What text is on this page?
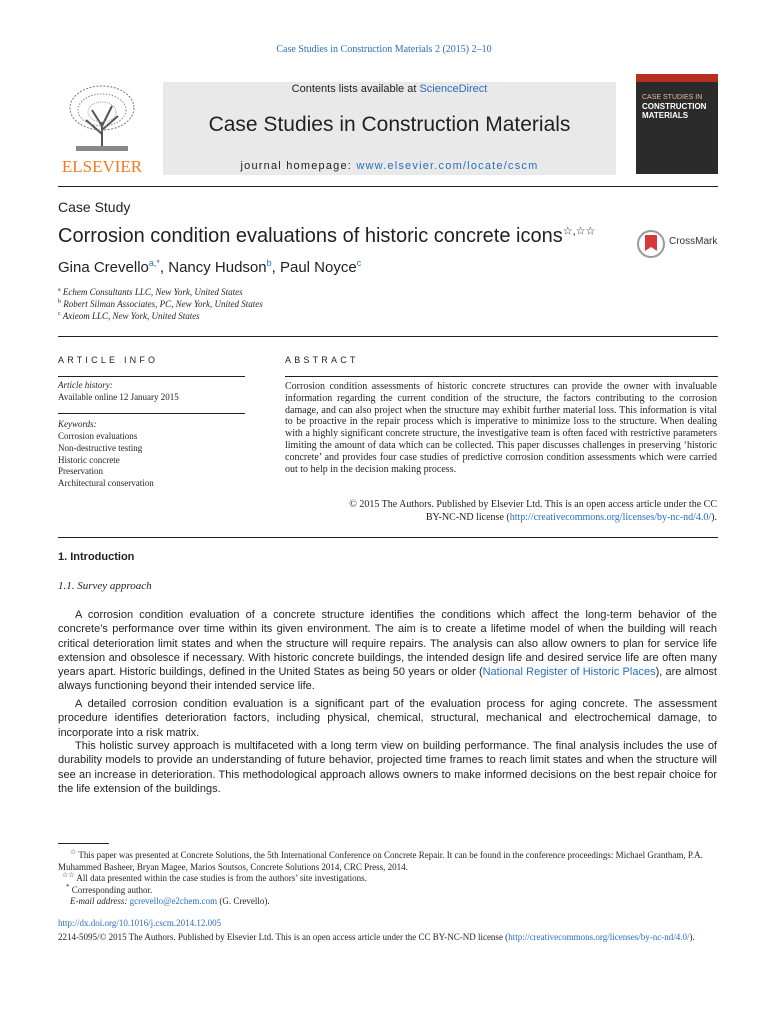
Case Studies in Construction Materials 2 (2015) 2–10
ELSEVIER
Contents lists available at ScienceDirect
Case Studies in Construction Materials
journal homepage: www.elsevier.com/locate/cscm
CASE STUDIES IN
CONSTRUCTION MATERIALS
Case Study
Corrosion condition evaluations of historic concrete icons☆,☆☆
CrossMark
Gina Crevello$^{a,*}$, Nancy Hudson$^b$, Paul Noyce$^c$
$^a$ Echem Consultants LLC, New York, United States
$^b$ Robert Silman Associates, PC, New York, United States
$^c$ Axieom LLC, New York, United States
ARTICLE INFO
Article history:
Available online 12 January 2015
Keywords:
Corrosion evaluations
Non-destructive testing
Historic concrete
Preservation
Architectural conservation
ABSTRACT
Corrosion condition assessments of historic concrete structures can provide the owner with invaluable information regarding the current condition of the structure, the factors contributing to the corrosion damage, and can also project when the structure may exhibit further material loss. This information is vital to be proactive in the repair process which is imperative to minimize loss to the structure. When dealing with a highly significant concrete structure, the investigative team is often faced with restrictive parameters limiting the amount of data which can be collected. This paper discusses challenges in preserving ‘historic concrete’ and provides four case studies of predictive corrosion condition assessments which were carried out to help in the decision making process.
© 2015 The Authors. Published by Elsevier Ltd. This is an open access article under the CC
BY-NC-ND license (http://creativecommons.org/licenses/by-nc-nd/4.0/).
1. Introduction
1.1. Survey approach
A corrosion condition evaluation of a concrete structure identifies the conditions which affect the long-term behavior of the concrete’s performance over time within its given environment. The aim is to create a lifetime model of when the building will reach critical deterioration limit states and when the structure will require repairs. The analysis can also allow owners to plan for service life extension and obsolesce if necessary. With historic concrete buildings, the intended design life and desired service life are often many years apart. Historic buildings, defined in the United States as being 50 years or older (National Register of Historic Places), are almost always functioning beyond their intended service life.
A detailed corrosion condition evaluation is a significant part of the evaluation process for aging concrete. The assessment procedure identifies deterioration factors, including physical, chemical, structural, mechanical and electrochemical damage, to incorporate into a risk matrix.
This holistic survey approach is multifaceted with a long term view on building performance. The final analysis includes the use of durability models to provide an understanding of future behavior, projected time frames to reach limit states and when the structure will see an increase in deterioration. This methodological approach allows owners to make informed decisions on the best repair choice for the life extension of the buildings.
☆ This paper was presented at Concrete Solutions, the 5th International Conference on Concrete Repair. It can be found in the conference proceedings: Michael Grantham, P.A. Muhammed Basheer, Bryan Magee, Marios Soutsos, Concrete Solutions 2014, CRC Press, 2014.
☆☆ All data presented within the case studies is from the authors’ site investigations.
* Corresponding author.
E-mail address: gcrevello@e2chem.com (G. Crevello).
http://dx.doi.org/10.1016/j.cscm.2014.12.005
2214-5095/© 2015 The Authors. Published by Elsevier Ltd. This is an open access article under the CC BY-NC-ND license (http://creativecommons.org/licenses/by-nc-nd/4.0/).
